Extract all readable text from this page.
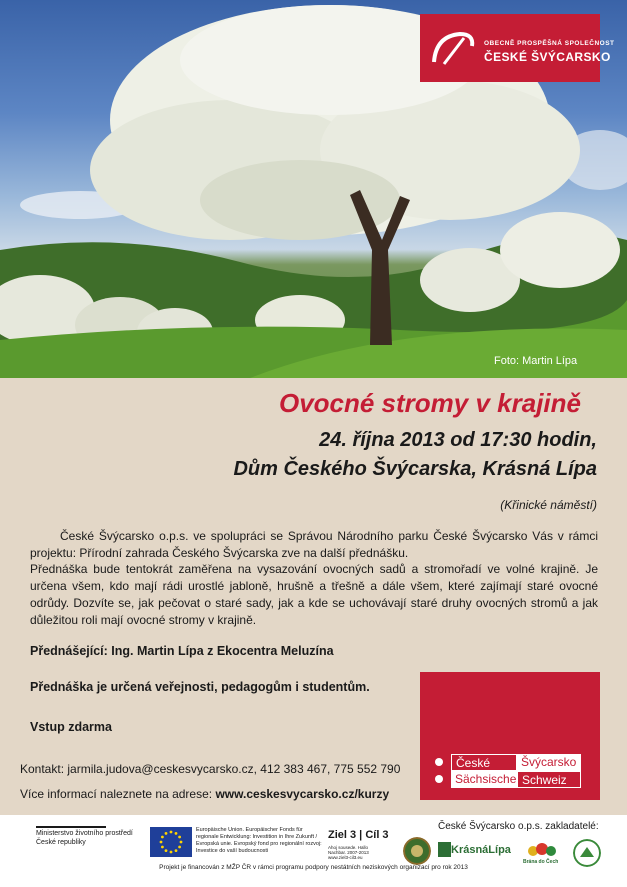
Foto: Martin Lípa
OBECNĚ PROSPĚŠNÁ SPOLEČNOST
ČESKÉ ŠVÝCARSKO
Ovocné stromy v krajině
24. října 2013 od 17:30 hodin,
Dům Českého Švýcarska, Krásná Lípa
(Křinické náměstí)
České Švýcarsko o.p.s. ve spolupráci se Správou Národního parku České Švýcarsko Vás v rámci projektu: Přírodní zahrada Českého Švýcarska zve na další přednášku.
Přednáška bude tentokrát zaměřena na vysazování ovocných sadů a stromořadí ve volné krajině. Je určena všem, kdo mají rádi urostlé jabloně, hrušně a třešně a dále všem, které zajímají staré ovocné odrůdy. Dozvíte se, jak pečovat o staré sady, jak a kde se uchovávají staré druhy ovocných stromů a jak důležitou roli mají ovocné stromy v krajině.
Přednášející: Ing. Martin Lípa z Ekocentra Meluzína
Přednáška je určená veřejnosti, pedagogům i studentům.
Vstup zdarma
České	Švýcarsko
Sächsische Schweiz
Kontakt: jarmila.judova@ceskesvycarsko.cz, 412 383 467, 775 552 790
Více informací naleznete na adrese: www.ceskesvycarsko.cz/kurzy
Ministerstvo životního prostředí
České republiky
Europäische Union. Europäischer Fonds für regionale Entwicklung: Investition in Ihre Zukunft / Evropská unie. Evropský fond pro regionální rozvoj: Investice do vaší budoucnosti
Ziel 3 | Cíl 3
Ahoj sousede. Hallo Nachbar. 2007-2013 www.ziel3-cil3.eu
České Švýcarsko o.p.s. zakladatelé:
KrásnáLípa
Brána do Čech
Projekt je financován z MŽP ČR v rámci programu podpory nestátních neziskových organizací pro rok 2013
